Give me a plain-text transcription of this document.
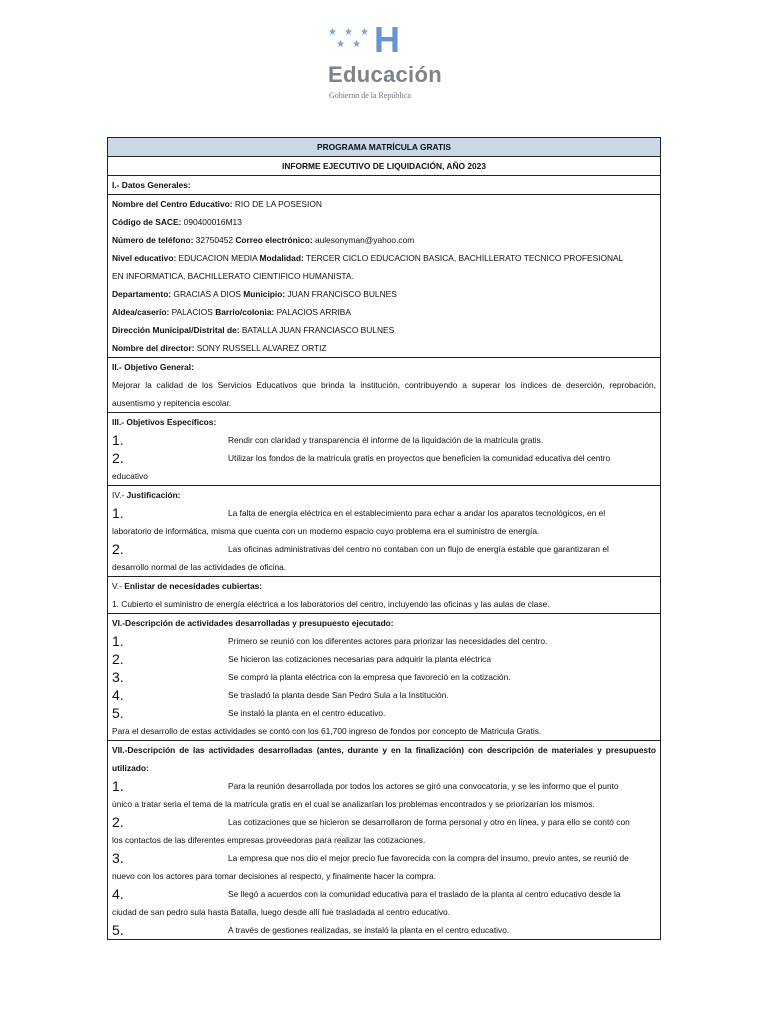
★ ★ ★
★ ★ H
Educación
Gobierno de la República
PROGRAMA MATRÍCULA GRATIS
INFORME EJECUTIVO DE LIQUIDACIÓN, AÑO 2023
I.- Datos Generales:

Nombre del Centro Educativo: RIO DE LA POSESION
Código de SACE: 090400016M13
Número de teléfono: 32750452 Correo electrónico: aulesonyman@yahoo.com
Nivel educativo: EDUCACION MEDIA Modalidad: TERCER CICLO EDUCACION BASICA, BACHILLERATO TECNICO PROFESIONAL
EN INFORMATICA, BACHILLERATO CIENTIFICO HUMANISTA.
Departamento: GRACIAS A DIOS Municipio: JUAN FRANCISCO BULNES
Aldea/caserío: PALACIOS Barrio/colonia: PALACIOS ARRIBA
Dirección Municipal/Distrital de: BATALLA JUAN FRANCIASCO BULNES
Nombre del director: SONY RUSSELL ALVAREZ ORTIZ

II.- Objetivo General:
Mejorar la calidad de los Servicios Educativos que brinda la institución, contribuyendo a superar los índices de deserción, reprobación, ausentismo y repitencia escolar.

III.- Objetivos Específicos:
1.	Rendir con claridad y transparencia él informe de la liquidación de la matricula gratis.
2.	Utilizar los fondos de la matricula gratis en proyectos que beneficien la comunidad educativa del centro
educativo

IV.- Justificación:
1.	La falta de energía eléctrica en el establecimiento para echar a andar los aparatos tecnológicos, en el
laboratorio de informática, misma que cuenta con un moderno espacio cuyo problema era el suministro de energía.
2.	Las oficinas administrativas del centro no contaban con un flujo de energía estable que garantizaran el
desarrollo normal de las actividades de oficina.

V.- Enlistar de necesidades cubiertas:
1. Cubierto el suministro de energía eléctrica a los laboratorios del centro, incluyendo las oficinas y las aulas de clase.

VI.-Descripción de actividades desarrolladas y presupuesto ejecutado:
1.	Primero se reunió con los diferentes actores para priorizar las necesidades del centro.
2.	Se hicieron las cotizaciones necesarias para adquirir la planta eléctrica
3.	Se compró la planta eléctrica con la empresa que favoreció en la cotización.
4.	Se trasladó la planta desde San Pedro Sula a la Institución.
5.	Se instaló la planta en el centro educativo.
Para el desarrollo de estas actividades se contó con los 61,700 ingreso de fondos por concepto de Matricula Gratis.

VII.-Descripción de las actividades desarrolladas (antes, durante y en la finalización) con descripción de materiales y presupuesto utilizado:
1.	Para la reunión desarrollada por todos los actores se giró una convocatoria, y se les informo que el punto
único a tratar seria el tema de la matricula gratis en el cual se analizarían los problemas encontrados y se priorizarían los mismos.
2.	Las cotizaciones que se hicieron se desarrollaron de forma personal y otro en línea, y para ello se contó con
los contactos de las diferentes empresas proveedoras para realizar las cotizaciones.
3.	La empresa que nos dio el mejor precio fue favorecida con la compra del insumo, previo antes, se reunió de
nuevo con los actores para tomar decisiones al respecto, y finalmente hacer la compra.
4.	Se llegó a acuerdos con la comunidad educativa para el traslado de la planta al centro educativo desde la
ciudad de san pedro sula hasta Batalla, luego desde allí fue trasladada al centro educativo.
5.	A través de gestiones realizadas, se instaló la planta en el centro educativo.
